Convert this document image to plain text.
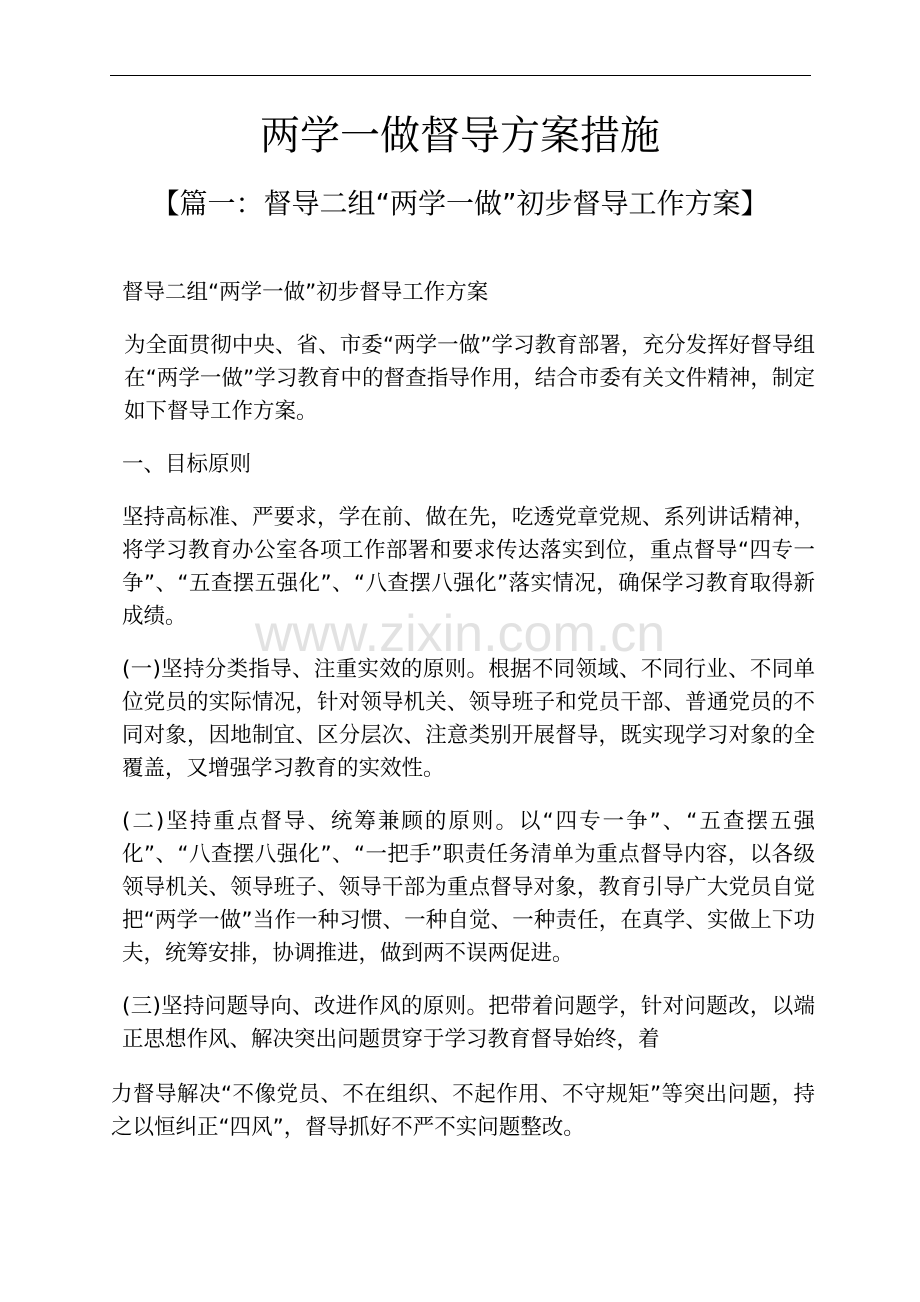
两学一做督导方案措施
【篇一：督导二组“两学一做”初步督导工作方案】

督导二组“两学一做”初步督导工作方案

为全面贯彻中央、省、市委“两学一做”学习教育部署，充分发挥好督导组在“两学一做”学习教育中的督查指导作用，结合市委有关文件精神，制定如下督导工作方案。

一、目标原则

坚持高标准、严要求，学在前、做在先，吃透党章党规、系列讲话精神，将学习教育办公室各项工作部署和要求传达落实到位，重点督导“四专一争”、“五查摆五强化”、“八查摆八强化”落实情况，确保学习教育取得新成绩。

(一)坚持分类指导、注重实效的原则。根据不同领域、不同行业、不同单位党员的实际情况，针对领导机关、领导班子和党员干部、普通党员的不同对象，因地制宜、区分层次、注意类别开展督导，既实现学习对象的全覆盖，又增强学习教育的实效性。

(二)坚持重点督导、统筹兼顾的原则。以“四专一争”、“五查摆五强化”、“八查摆八强化”、“一把手”职责任务清单为重点督导内容，以各级领导机关、领导班子、领导干部为重点督导对象，教育引导广大党员自觉把“两学一做”当作一种习惯、一种自觉、一种责任，在真学、实做上下功夫，统筹安排，协调推进，做到两不误两促进。

(三)坚持问题导向、改进作风的原则。把带着问题学，针对问题改，以端正思想作风、解决突出问题贯穿于学习教育督导始终，着

力督导解决“不像党员、不在组织、不起作用、不守规矩”等突出问题，持之以恒纠正“四风”，督导抓好不严不实问题整改。

www.zixin.com.cn
